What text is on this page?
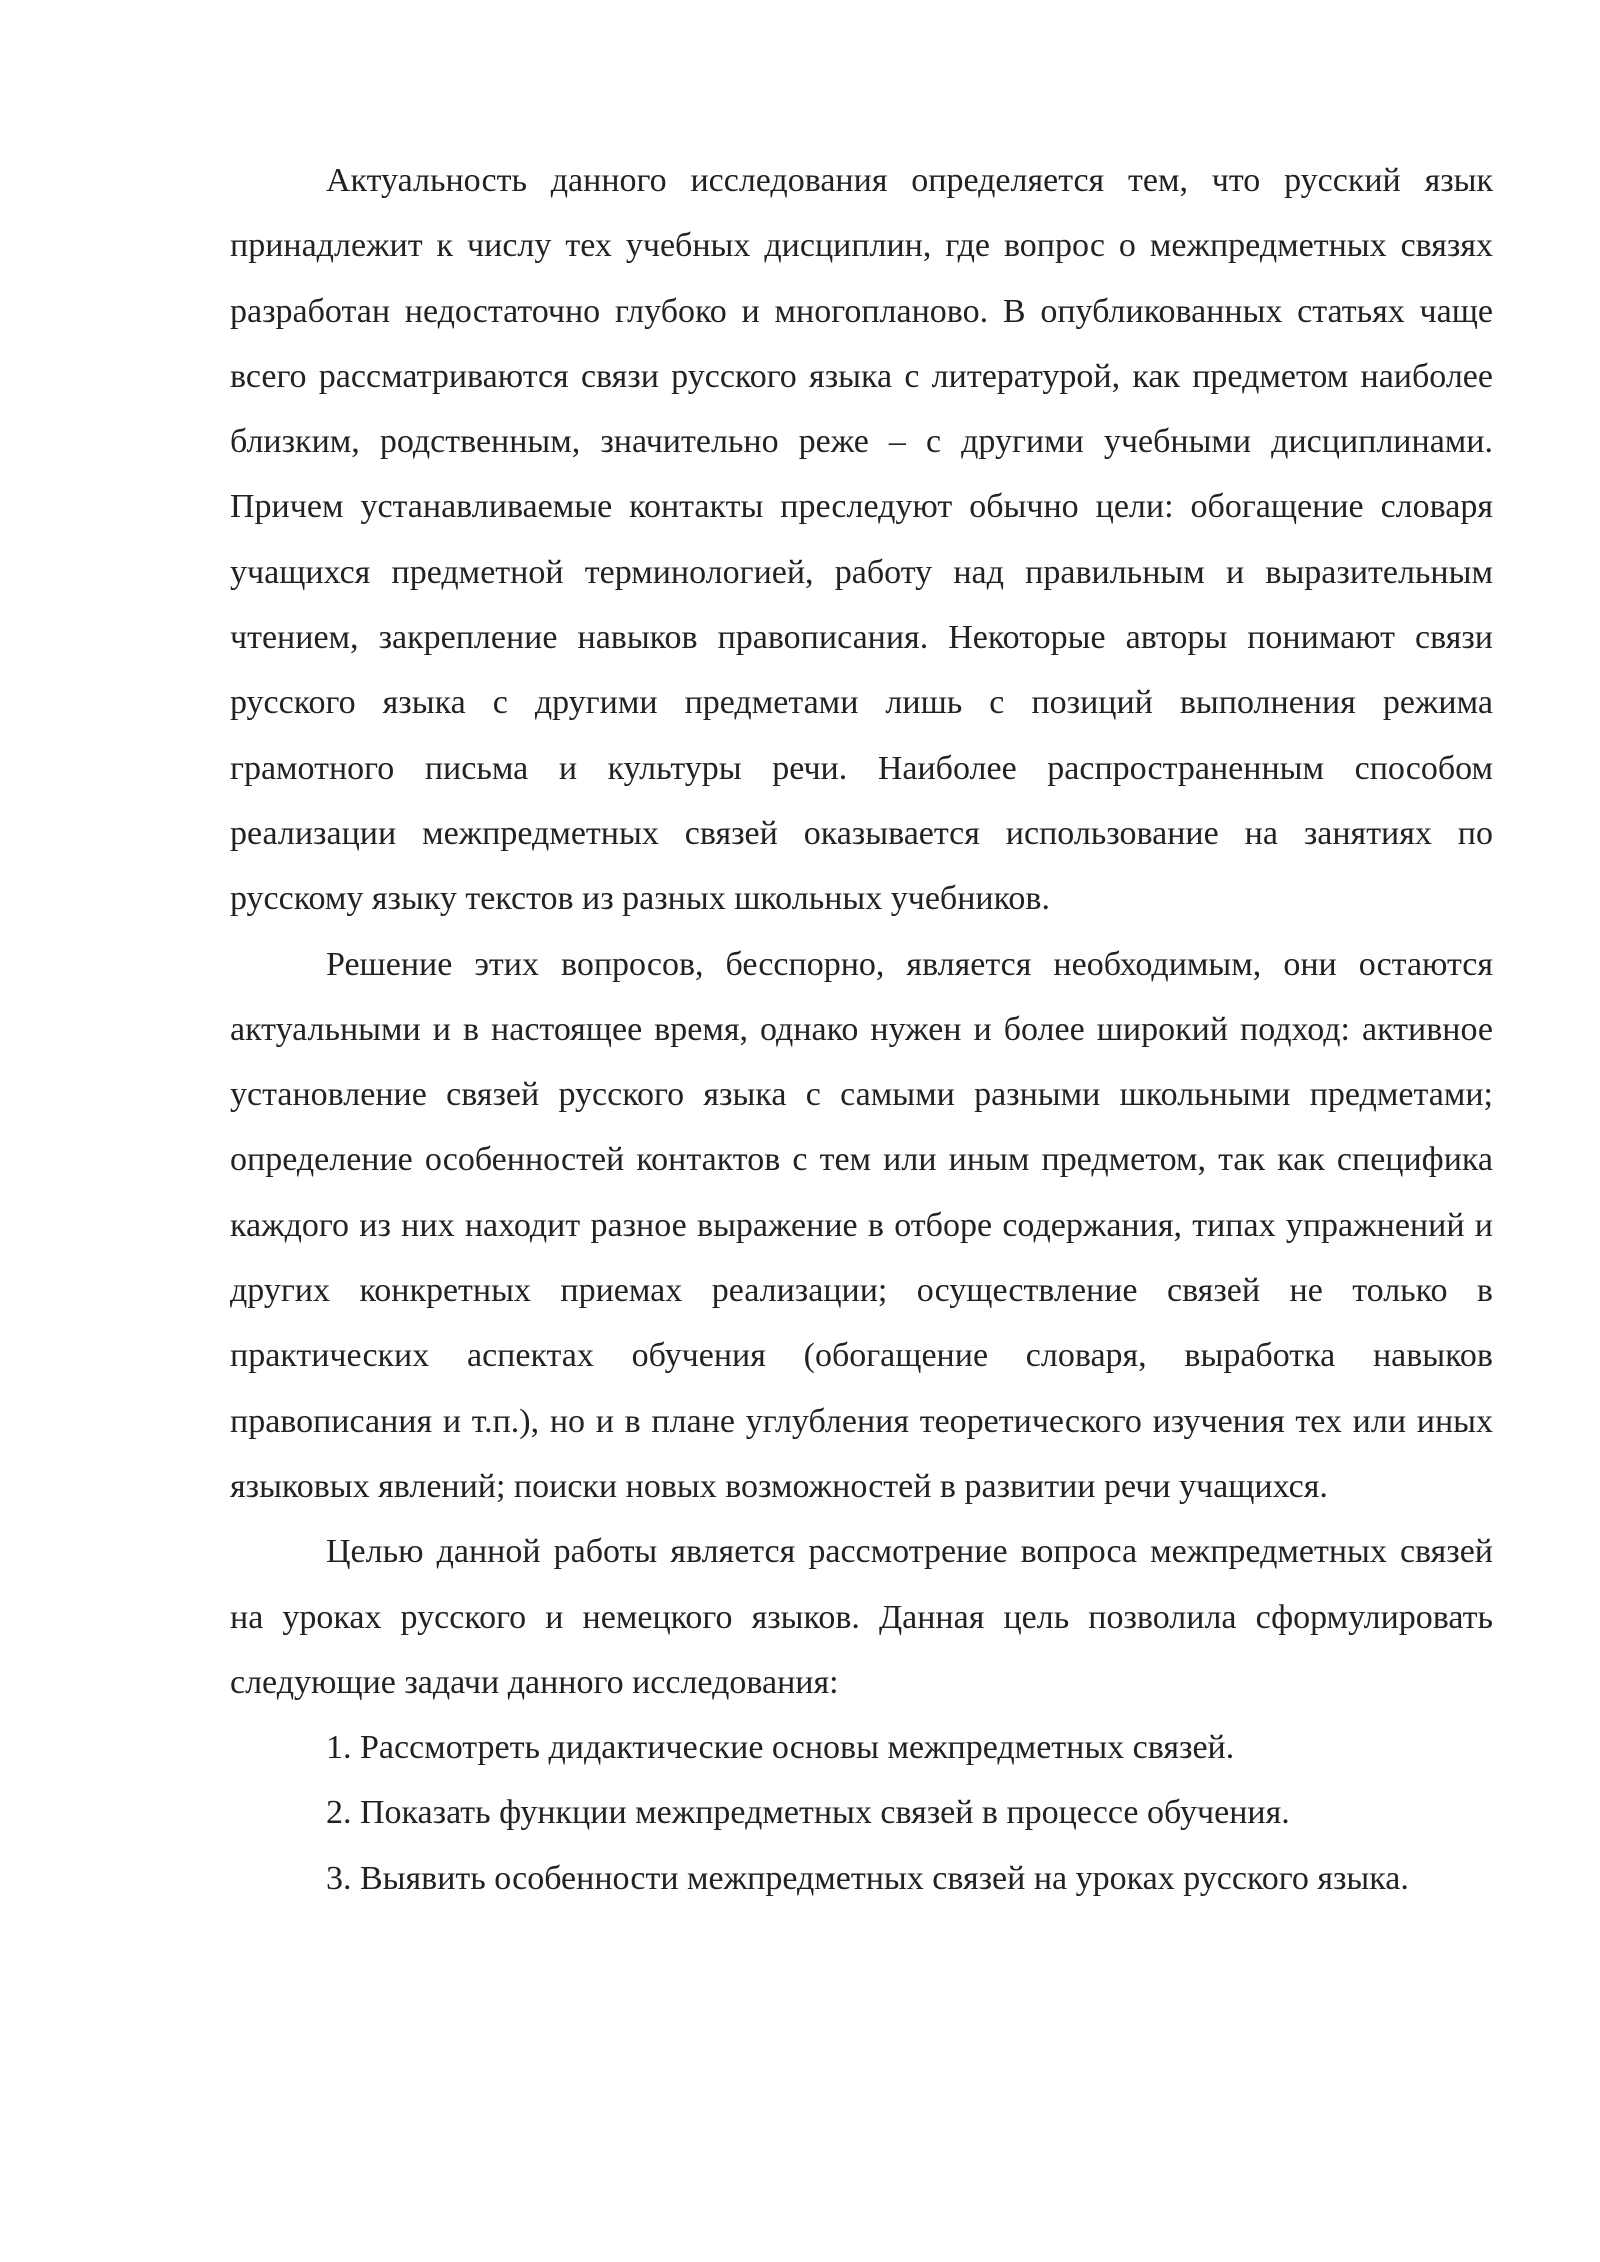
Актуальность данного исследования определяется тем, что русский язык принадлежит к числу тех учебных дисциплин, где вопрос о межпредметных связях разработан недостаточно глубоко и многопланово. В опубликованных статьях чаще всего рассматриваются связи русского языка с литературой, как предметом наиболее близким, родственным, значительно реже – с другими учебными дисциплинами. Причем устанавливаемые контакты преследуют обычно цели: обогащение словаря учащихся предметной терминологией, работу над правильным и выразительным чтением, закрепление навыков правописания. Некоторые авторы понимают связи русского языка с другими предметами лишь с позиций выполнения режима грамотного письма и культуры речи. Наиболее распространенным способом реализации межпредметных связей оказывается использование на занятиях по русскому языку текстов из разных школьных учебников.

Решение этих вопросов, бесспорно, является необходимым, они остаются актуальными и в настоящее время, однако нужен и более широкий подход: активное установление связей русского языка с самыми разными школьными предметами; определение особенностей контактов с тем или иным предметом, так как специфика каждого из них находит разное выражение в отборе содержания, типах упражнений и других конкретных приемах реализации; осуществление связей не только в практических аспектах обучения (обогащение словаря, выработка навыков правописания и т.п.), но и в плане углубления теоретического изучения тех или иных языковых явлений; поиски новых возможностей в развитии речи учащихся.

Целью данной работы является рассмотрение вопроса межпредметных связей на уроках русского и немецкого языков. Данная цель позволила сформулировать следующие задачи данного исследования:

1. Рассмотреть дидактические основы межпредметных связей.

2. Показать функции межпредметных связей в процессе обучения.

3. Выявить особенности межпредметных связей на уроках русского языка.
